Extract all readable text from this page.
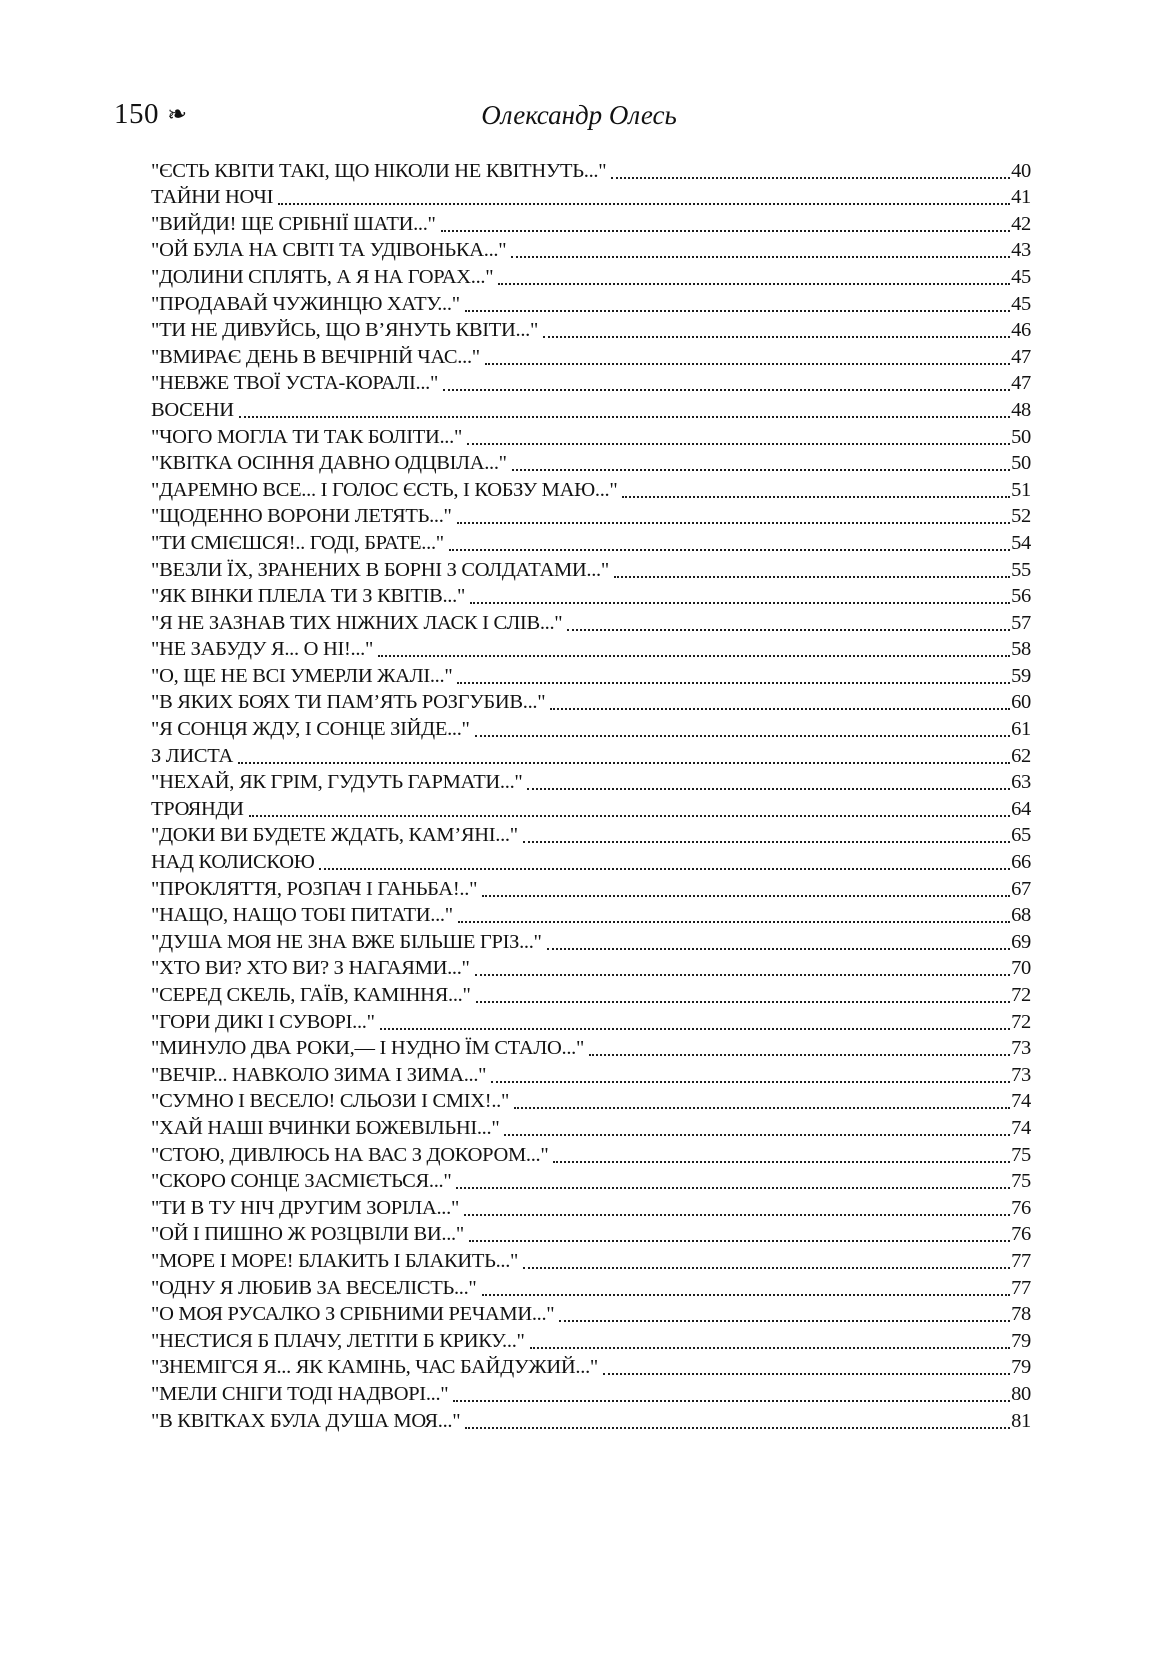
150 ❧	Олександр Олесь
"ЄСТЬ КВІТИ ТАКІ, ЩО НІКОЛИ НЕ КВІТНУТЬ..."	40
ТАЙНИ НОЧІ	41
"ВИЙДИ! ЩЕ СРІБНІЇ ШАТИ..."	42
"ОЙ БУЛА НА СВІТІ ТА УДІВОНЬКА..."	43
"ДОЛИНИ СПЛЯТЬ, А Я НА ГОРАХ..."	45
"ПРОДАВАЙ ЧУЖИНЦЮ ХАТУ..."	45
"ТИ НЕ ДИВУЙСЬ, ЩО В’ЯНУТЬ КВІТИ..."	46
"ВМИРАЄ ДЕНЬ В ВЕЧІРНІЙ ЧАС..."	47
"НЕВЖЕ ТВОЇ УСТА-КОРАЛІ..."	47
ВОСЕНИ	48
"ЧОГО МОГЛА ТИ ТАК БОЛІТИ..."	50
"КВІТКА ОСІННЯ ДАВНО ОДЦВІЛА..."	50
"ДАРЕМНО ВСЕ... І ГОЛОС ЄСТЬ, І КОБЗУ МАЮ..."	51
"ЩОДЕННО ВОРОНИ ЛЕТЯТЬ..."	52
"ТИ СМІЄШСЯ!.. ГОДІ, БРАТЕ..."	54
"ВЕЗЛИ ЇХ, ЗРАНЕНИХ В БОРНІ З СОЛДАТАМИ..."	55
"ЯК ВІНКИ ПЛЕЛА ТИ З КВІТІВ..."	56
"Я НЕ ЗАЗНАВ ТИХ НІЖНИХ ЛАСК І СЛІВ..."	57
"НЕ ЗАБУДУ Я... О НІ!..."	58
"О, ЩЕ НЕ ВСІ УМЕРЛИ ЖАЛІ..."	59
"В ЯКИХ БОЯХ ТИ ПАМ’ЯТЬ РОЗГУБИВ..."	60
"Я СОНЦЯ ЖДУ, І СОНЦЕ ЗІЙДЕ..."	61
З ЛИСТА	62
"НЕХАЙ, ЯК ГРІМ, ГУДУТЬ ГАРМАТИ..."	63
ТРОЯНДИ	64
"ДОКИ ВИ БУДЕТЕ ЖДАТЬ, КАМ’ЯНІ..."	65
НАД КОЛИСКОЮ	66
"ПРОКЛЯТТЯ, РОЗПАЧ І ГАНЬБА!.."	67
"НАЩО, НАЩО ТОБІ ПИТАТИ..."	68
"ДУША МОЯ НЕ ЗНА ВЖЕ БІЛЬШЕ ГРІЗ..."	69
"ХТО ВИ? ХТО ВИ? З НАГАЯМИ..."	70
"СЕРЕД СКЕЛЬ, ГАЇВ, КАМІННЯ..."	72
"ГОРИ ДИКІ І СУВОРІ..."	72
"МИНУЛО ДВА РОКИ,— І НУДНО ЇМ СТАЛО..."	73
"ВЕЧІР... НАВКОЛО ЗИМА І ЗИМА..."	73
"СУМНО І ВЕСЕЛО! СЛЬОЗИ І СМІХ!.."	74
"ХАЙ НАШІ ВЧИНКИ БОЖЕВІЛЬНІ..."	74
"СТОЮ, ДИВЛЮСЬ НА ВАС З ДОКОРОМ..."	75
"СКОРО СОНЦЕ ЗАСМІЄТЬСЯ..."	75
"ТИ В ТУ НІЧ ДРУГИМ ЗОРІЛА..."	76
"ОЙ І ПИШНО Ж РОЗЦВІЛИ ВИ..."	76
"МОРЕ І МОРЕ! БЛАКИТЬ І БЛАКИТЬ..."	77
"ОДНУ Я ЛЮБИВ ЗА ВЕСЕЛІСТЬ..."	77
"О МОЯ РУСАЛКО З СРІБНИМИ РЕЧАМИ..."	78
"НЕСТИСЯ Б ПЛАЧУ, ЛЕТІТИ Б КРИКУ..."	79
"ЗНЕМІГСЯ Я... ЯК КАМІНЬ, ЧАС БАЙДУЖИЙ..."	79
"МЕЛИ СНІГИ ТОДІ НАДВОРІ..."	80
"В КВІТКАХ БУЛА ДУША МОЯ..."	81
